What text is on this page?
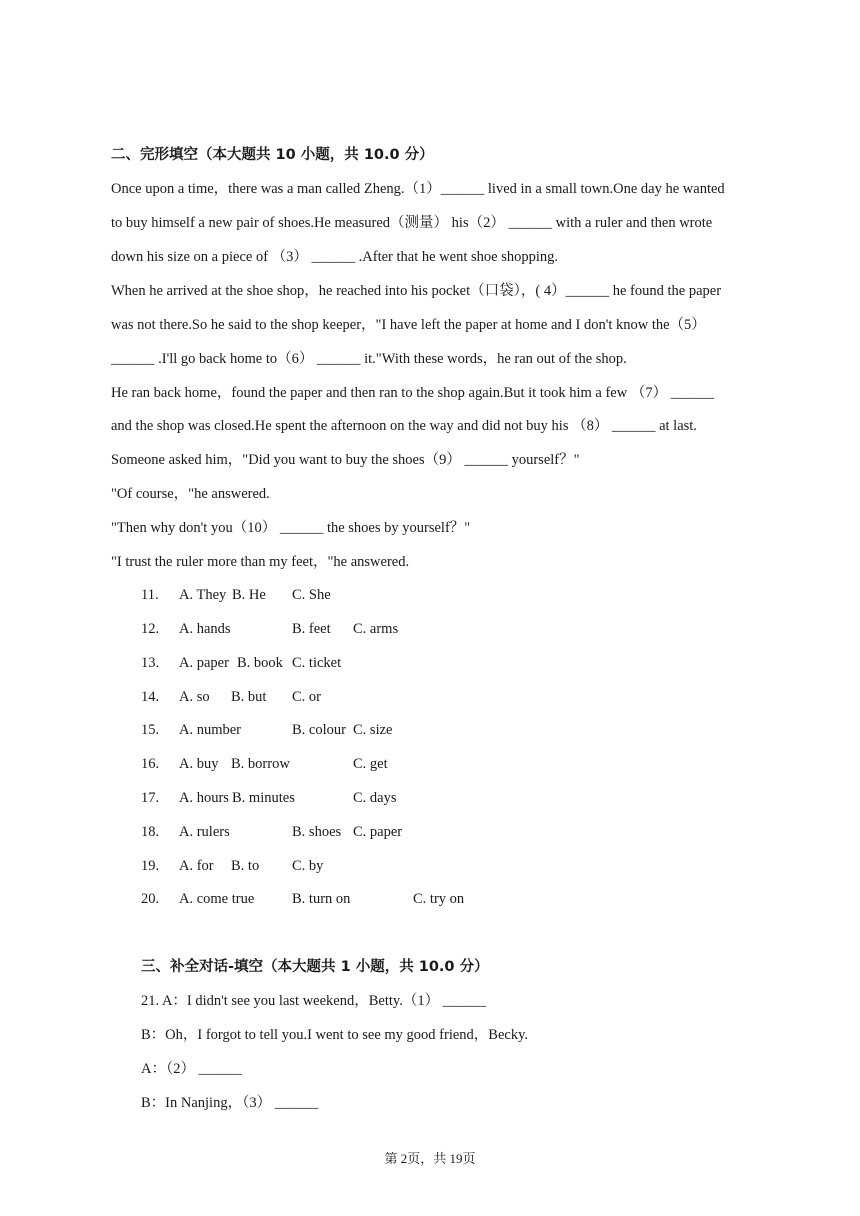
二、完形填空（本大题共 10 小题，共 10.0 分）
Once upon a time，there was a man called Zheng.（1）______ lived in a small town.One day he wanted
to buy himself a new pair of shoes.He measured（测量） his（2） ______ with a ruler and then wrote
down his size on a piece of （3） ______ .After that he went shoe shopping.
When he arrived at the shoe shop，he reached into his pocket（口袋），( 4）______ he found the paper
was not there.So he said to the shop keeper，"I have left the paper at home and I don't know the（5）
______ .I'll go back home to（6） ______ it."With these words，he ran out of the shop.
He ran back home，found the paper and then ran to the shop again.But it took him a few （7） ______
and the shop was closed.He spent the afternoon on the way and did not buy his （8） ______ at last.
Someone asked him，"Did you want to buy the shoes（9） ______ yourself？"
"Of course，"he answered.
"Then why don't you（10） ______ the shoes by yourself？"
"I trust the ruler more than my feet，"he answered.
11. A. They B. He C. She
12. A. hands	B. feet C. arms
13. A. paper B. book C. ticket
14. A. so B. but C. or
15. A. number	B. colour C. size
16. A. buy B. borrow	C. get
17. A. hours B. minutes	C. days
18. A. rulers	B. shoes C. paper
19. A. for B. to C. by
20. A. come true	B. turn on	C. try on
三、补全对话-填空（本大题共 1 小题，共 10.0 分）
21. A：I didn't see you last weekend，Betty.（1） ______
B：Oh，I forgot to tell you.I went to see my good friend，Becky.
A：（2） ______
B：In Nanjing，（3） ______
第 2页，共 19页
